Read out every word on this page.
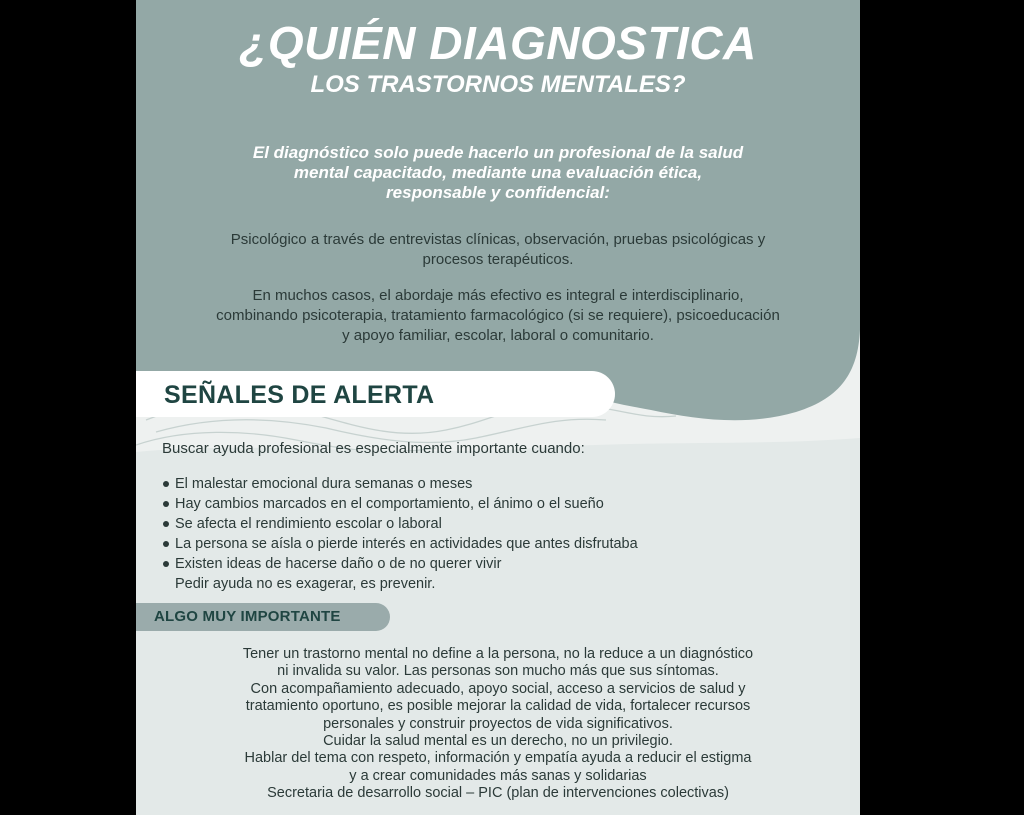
¿QUIÉN DIAGNOSTICA
LOS TRASTORNOS MENTALES?
El diagnóstico solo puede hacerlo un profesional de la salud
mental capacitado, mediante una evaluación ética,
responsable y confidencial:
Psicológico a través de entrevistas clínicas, observación, pruebas psicológicas y
procesos terapéuticos.
En muchos casos, el abordaje más efectivo es integral e interdisciplinario,
combinando psicoterapia, tratamiento farmacológico (si se requiere), psicoeducación
y apoyo familiar, escolar, laboral o comunitario.
SEÑALES DE ALERTA
Buscar ayuda profesional es especialmente importante cuando:
El malestar emocional dura semanas o meses
Hay cambios marcados en el comportamiento, el ánimo o el sueño
Se afecta el rendimiento escolar o laboral
La persona se aísla o pierde interés en actividades que antes disfrutaba
Existen ideas de hacerse daño o de no querer vivir
Pedir ayuda no es exagerar, es prevenir.
ALGO MUY IMPORTANTE
Tener un trastorno mental no define a la persona, no la reduce a un diagnóstico
ni invalida su valor. Las personas son mucho más que sus síntomas.
Con acompañamiento adecuado, apoyo social, acceso a servicios de salud y
tratamiento oportuno, es posible mejorar la calidad de vida, fortalecer recursos
personales y construir proyectos de vida significativos.
Cuidar la salud mental es un derecho, no un privilegio.
Hablar del tema con respeto, información y empatía ayuda a reducir el estigma
y a crear comunidades más sanas y solidarias
Secretaria de desarrollo social – PIC (plan de intervenciones colectivas)
